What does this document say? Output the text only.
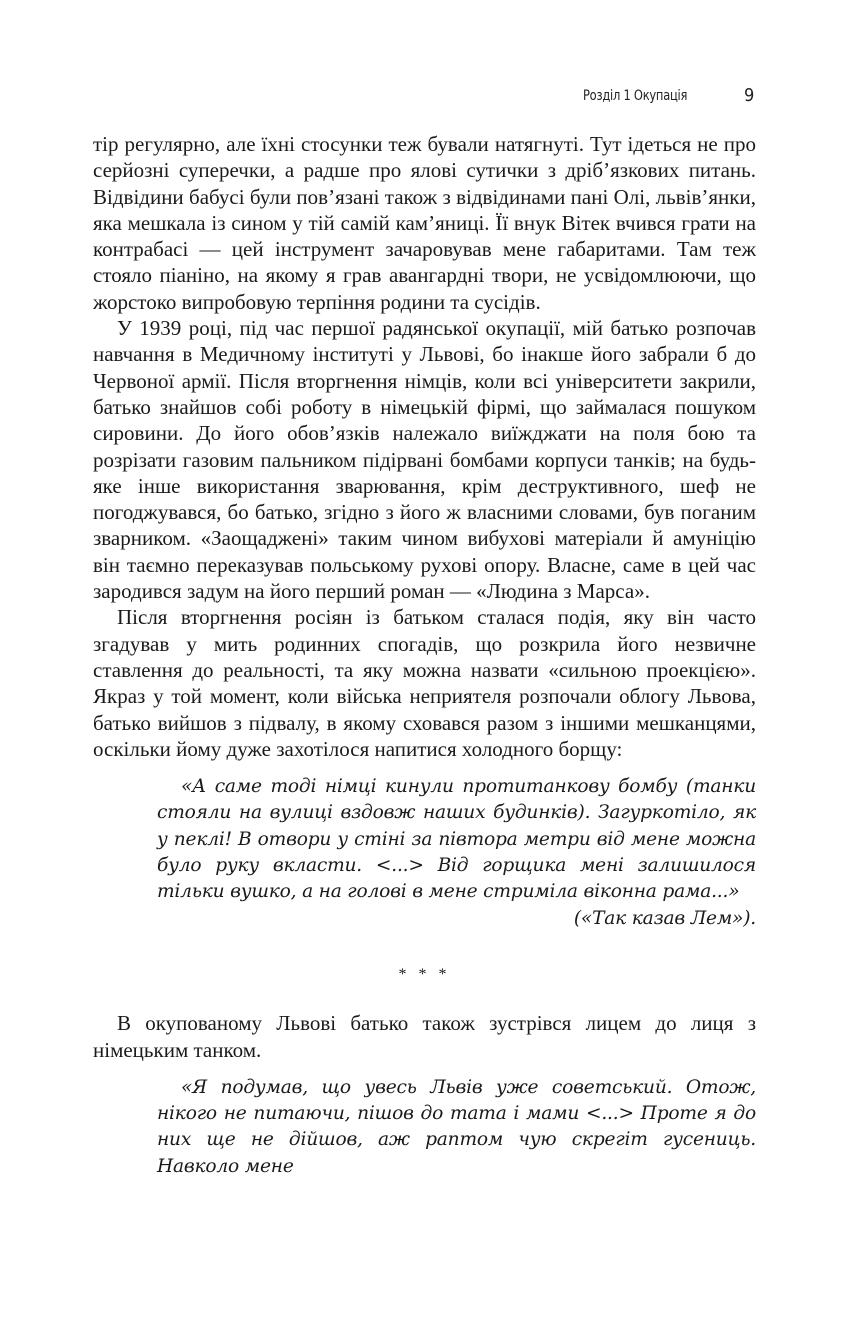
Розділ 1 Окупація	9

тір регулярно, але їхні стосунки теж бували натягнуті. Тут ідеться не про серйозні суперечки, а радше про ялові сутички з дріб’язкових питань. Відвідини бабусі були пов’язані також з відвідинами пані Олі, львів’янки, яка мешкала із сином у тій самій кам’яниці. Її внук Вітек вчився грати на контрабасі — цей інструмент зачаровував мене габаритами. Там теж стояло піаніно, на якому я грав авангардні твори, не усвідомлюючи, що жорстоко випробовую терпіння родини та сусідів.

У 1939 році, під час першої радянської окупації, мій батько розпочав навчання в Медичному інституті у Львові, бо інакше його забрали б до Червоної армії. Після вторгнення німців, коли всі університети закрили, батько знайшов собі роботу в німецькій фірмі, що займалася пошуком сировини. До його обов’язків належало виїжджати на поля бою та розрізати газовим пальником підірвані бомбами корпуси танків; на будь-яке інше використання зварювання, крім деструктивного, шеф не погоджувався, бо батько, згідно з його ж власними словами, був поганим зварником. «Заощаджені» таким чином вибухові матеріали й амуніцію він таємно переказував польському рухові опору. Власне, саме в цей час зародився задум на його перший роман — «Людина з Марса».

Після вторгнення росіян із батьком сталася подія, яку він часто згадував у мить родинних спогадів, що розкрила його незвичне ставлення до реальності, та яку можна назвати «сильною проекцією». Якраз у той момент, коли війська неприятеля розпочали облогу Львова, батько вийшов з підвалу, в якому сховався разом з іншими мешканцями, оскільки йому дуже захотілося напитися холодного борщу:

«А саме тоді німці кинули протитанкову бомбу (танки стояли на вулиці вздовж наших будинків). Загуркотіло, як у пеклі! В отвори у стіні за півтора метри від мене можна було руку вкласти. <...> Від горщика мені залишилося тільки вушко, а на голові в мене стриміла віконна рама...»

(«Так казав Лем»).

* * *

В окупованому Львові батько також зустрівся лицем до лиця з німецьким танком.

«Я подумав, що увесь Львів уже советський. Отож, нікого не питаючи, пішов до тата і мами <...> Проте я до них ще не дійшов, аж раптом чую скрегіт гусениць. Навколо мене
